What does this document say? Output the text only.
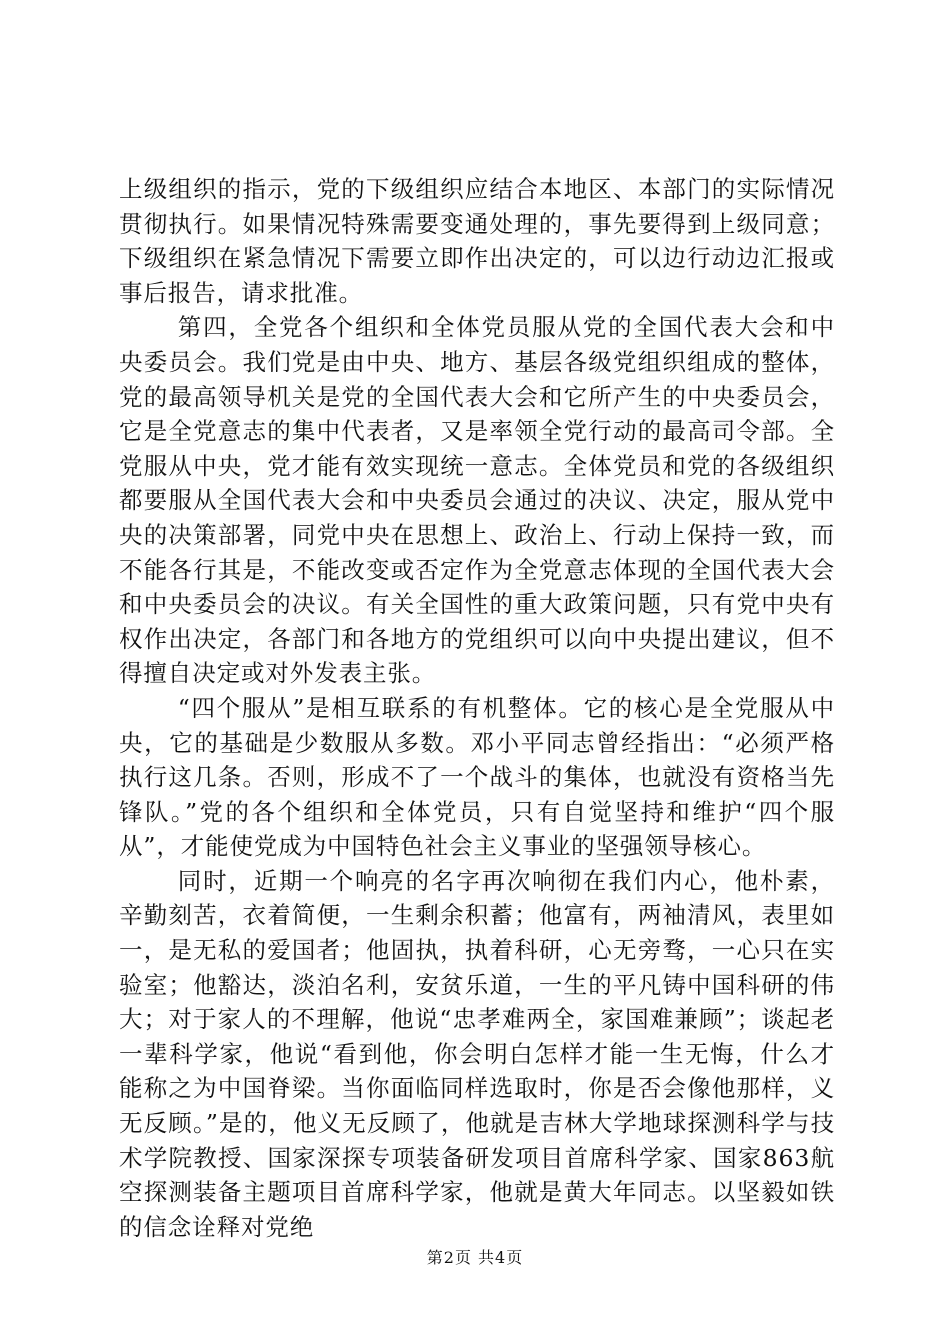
上级组织的指示，党的下级组织应结合本地区、本部门的实际情况贯彻执行。如果情况特殊需要变通处理的，事先要得到上级同意；下级组织在紧急情况下需要立即作出决定的，可以边行动边汇报或事后报告，请求批准。

第四，全党各个组织和全体党员服从党的全国代表大会和中央委员会。我们党是由中央、地方、基层各级党组织组成的整体，党的最高领导机关是党的全国代表大会和它所产生的中央委员会，它是全党意志的集中代表者，又是率领全党行动的最高司令部。全党服从中央，党才能有效实现统一意志。全体党员和党的各级组织都要服从全国代表大会和中央委员会通过的决议、决定，服从党中央的决策部署，同党中央在思想上、政治上、行动上保持一致，而不能各行其是，不能改变或否定作为全党意志体现的全国代表大会和中央委员会的决议。有关全国性的重大政策问题，只有党中央有权作出决定，各部门和各地方的党组织可以向中央提出建议，但不得擅自决定或对外发表主张。

“四个服从”是相互联系的有机整体。它的核心是全党服从中央，它的基础是少数服从多数。邓小平同志曾经指出：“必须严格执行这几条。否则，形成不了一个战斗的集体，也就没有资格当先锋队。”党的各个组织和全体党员，只有自觉坚持和维护“四个服从”，才能使党成为中国特色社会主义事业的坚强领导核心。

同时，近期一个响亮的名字再次响彻在我们内心，他朴素，辛勤刻苦，衣着简便，一生剩余积蓄；他富有，两袖清风，表里如一，是无私的爱国者；他固执，执着科研，心无旁骛，一心只在实验室；他豁达，淡泊名利，安贫乐道，一生的平凡铸中国科研的伟大；对于家人的不理解，他说“忠孝难两全，家国难兼顾”；谈起老一辈科学家，他说“看到他，你会明白怎样才能一生无悔，什么才能称之为中国脊梁。当你面临同样选取时，你是否会像他那样，义无反顾。”是的，他义无反顾了，他就是吉林大学地球探测科学与技术学院教授、国家深探专项装备研发项目首席科学家、国家863航空探测装备主题项目首席科学家，他就是黄大年同志。以坚毅如铁的信念诠释对党绝

第2页 共4页
